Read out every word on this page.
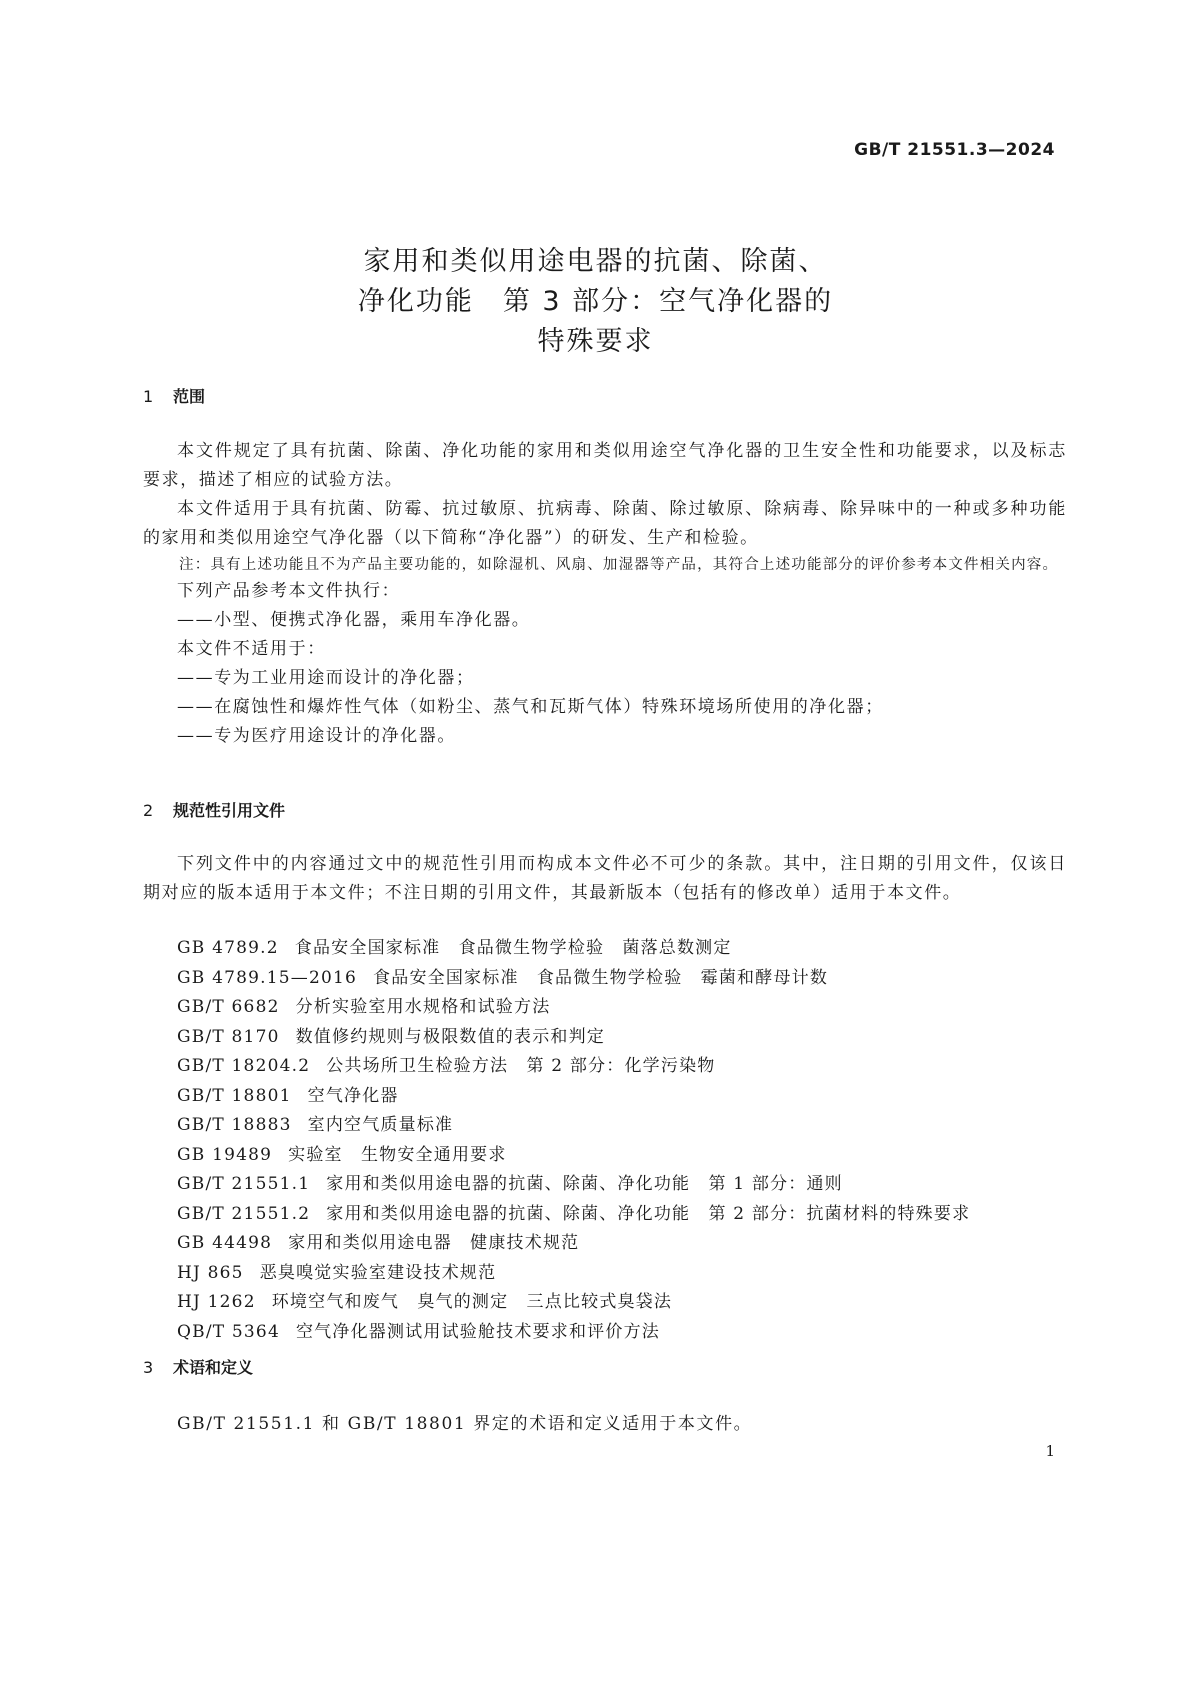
GB/T 21551.3—2024
家用和类似用途电器的抗菌、除菌、
净化功能　第 3 部分：空气净化器的
特殊要求
1 范围

本文件规定了具有抗菌、除菌、净化功能的家用和类似用途空气净化器的卫生安全性和功能要求，以及标志要求，描述了相应的试验方法。

本文件适用于具有抗菌、防霉、抗过敏原、抗病毒、除菌、除过敏原、除病毒、除异味中的一种或多种功能的家用和类似用途空气净化器（以下简称“净化器”）的研发、生产和检验。

注：具有上述功能且不为产品主要功能的，如除湿机、风扇、加湿器等产品，其符合上述功能部分的评价参考本文件相关内容。

下列产品参考本文件执行：

——小型、便携式净化器，乘用车净化器。

本文件不适用于：

——专为工业用途而设计的净化器；

——在腐蚀性和爆炸性气体（如粉尘、蒸气和瓦斯气体）特殊环境场所使用的净化器；

——专为医疗用途设计的净化器。

2 规范性引用文件

下列文件中的内容通过文中的规范性引用而构成本文件必不可少的条款。其中，注日期的引用文件，仅该日期对应的版本适用于本文件；不注日期的引用文件，其最新版本（包括有的修改单）适用于本文件。

GB 4789.2 食品安全国家标准　食品微生物学检验　菌落总数测定

GB 4789.15—2016 食品安全国家标准　食品微生物学检验　霉菌和酵母计数

GB/T 6682 分析实验室用水规格和试验方法

GB/T 8170 数值修约规则与极限数值的表示和判定

GB/T 18204.2 公共场所卫生检验方法　第 2 部分：化学污染物

GB/T 18801 空气净化器

GB/T 18883 室内空气质量标准

GB 19489 实验室　生物安全通用要求

GB/T 21551.1 家用和类似用途电器的抗菌、除菌、净化功能　第 1 部分：通则

GB/T 21551.2 家用和类似用途电器的抗菌、除菌、净化功能　第 2 部分：抗菌材料的特殊要求

GB 44498 家用和类似用途电器　健康技术规范

HJ 865 恶臭嗅觉实验室建设技术规范

HJ 1262 环境空气和废气　臭气的测定　三点比较式臭袋法

QB/T 5364 空气净化器测试用试验舱技术要求和评价方法

3 术语和定义

GB/T 21551.1 和 GB/T 18801 界定的术语和定义适用于本文件。

1
